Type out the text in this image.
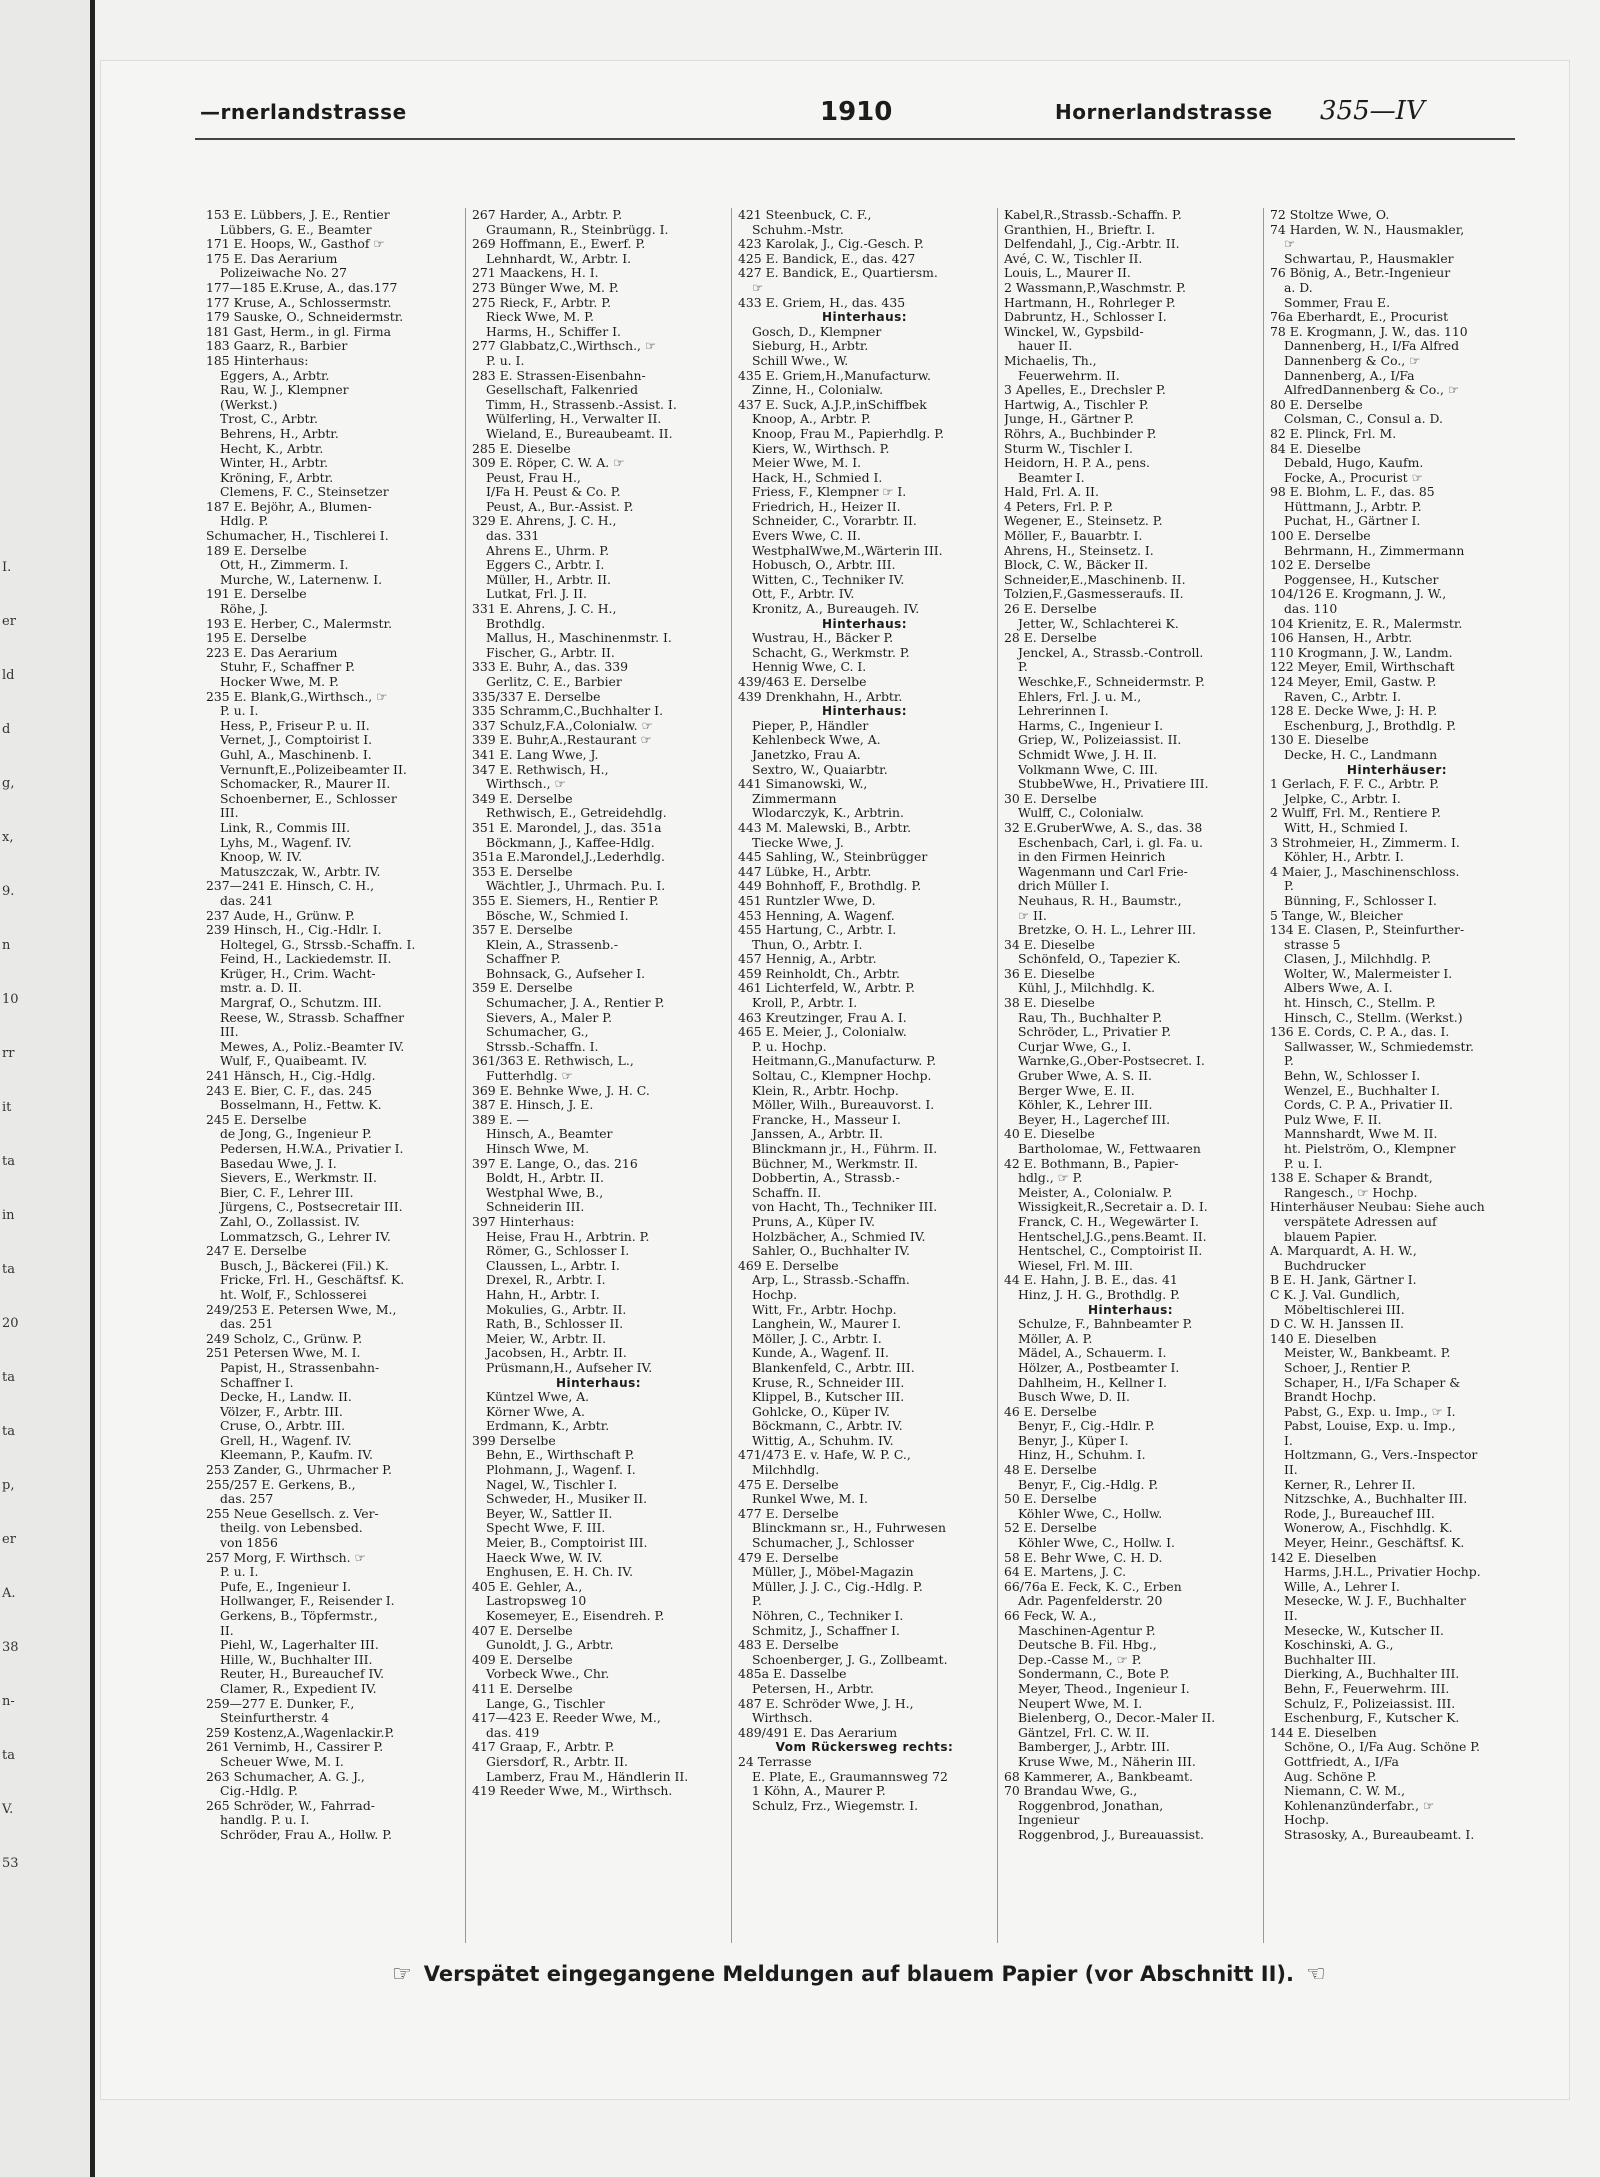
I.
er
ld
d
g,
x,
9.
n
10
rr
it
ta
in
ta
20
ta
ta
p,
er
A.
38
n-
ta
V.
53
—rnerlandstrasse	1910	Hornerlandstrasse 355—IV
153 E. Lübbers, J. E., Rentier
Lübbers, G. E., Beamter
171 E. Hoops, W., Gasthof ☞
175 E. Das Aerarium
Polizeiwache No. 27
177—185 E.Kruse, A., das.177
177 Kruse, A., Schlossermstr.
179 Sauske, O., Schneidermstr.
181 Gast, Herm., in gl. Firma
183 Gaarz, R., Barbier
185 Hinterhaus:
Eggers, A., Arbtr.
Rau, W. J., Klempner
(Werkst.)
Trost, C., Arbtr.
Behrens, H., Arbtr.
Hecht, K., Arbtr.
Winter, H., Arbtr.
Kröning, F., Arbtr.
Clemens, F. C., Steinsetzer
187 E. Bejöhr, A., Blumen-
Hdlg. P.
Schumacher, H., Tischlerei I.
189 E. Derselbe
Ott, H., Zimmerm. I.
Murche, W., Laternenw. I.
191 E. Derselbe
Röhe, J.
193 E. Herber, C., Malermstr.
195 E. Derselbe
223 E. Das Aerarium
Stuhr, F., Schaffner P.
Hocker Wwe, M. P.
235 E. Blank,G.,Wirthsch., ☞
P. u. I.
Hess, P., Friseur P. u. II.
Vernet, J., Comptoirist I.
Guhl, A., Maschinenb. I.
Vernunft,E.,Polizeibeamter II.
Schomacker, R., Maurer II.
Schoenberner, E., Schlosser
III.
Link, R., Commis III.
Lyhs, M., Wagenf. IV.
Knoop, W. IV.
Matuszczak, W., Arbtr. IV.
237—241 E. Hinsch, C. H.,
das. 241
237 Aude, H., Grünw. P.
239 Hinsch, H., Cig.-Hdlr. I.
Holtegel, G., Strssb.-Schaffn. I.
Feind, H., Lackiedemstr. II.
Krüger, H., Crim. Wacht-
mstr. a. D. II.
Margraf, O., Schutzm. III.
Reese, W., Strassb. Schaffner
III.
Mewes, A., Poliz.-Beamter IV.
Wulf, F., Quaibeamt. IV.
241 Hänsch, H., Cig.-Hdlg.
243 E. Bier, C. F., das. 245
Bosselmann, H., Fettw. K.
245 E. Derselbe
de Jong, G., Ingenieur P.
Pedersen, H.W.A., Privatier I.
Basedau Wwe, J. I.
Sievers, E., Werkmstr. II.
Bier, C. F., Lehrer III.
Jürgens, C., Postsecretair III.
Zahl, O., Zollassist. IV.
Lommatzsch, G., Lehrer IV.
247 E. Derselbe
Busch, J., Bäckerei (Fil.) K.
Fricke, Frl. H., Geschäftsf. K.
ht. Wolf, F., Schlosserei
249/253 E. Petersen Wwe, M.,
das. 251
249 Scholz, C., Grünw. P.
251 Petersen Wwe, M. I.
Papist, H., Strassenbahn-
Schaffner I.
Decke, H., Landw. II.
Völzer, F., Arbtr. III.
Cruse, O., Arbtr. III.
Grell, H., Wagenf. IV.
Kleemann, P., Kaufm. IV.
253 Zander, G., Uhrmacher P.
255/257 E. Gerkens, B.,
das. 257
255 Neue Gesellsch. z. Ver-
theilg. von Lebensbed.
von 1856
257 Morg, F. Wirthsch. ☞
P. u. I.
Pufe, E., Ingenieur I.
Hollwanger, F., Reisender I.
Gerkens, B., Töpfermstr.,
II.
Piehl, W., Lagerhalter III.
Hille, W., Buchhalter III.
Reuter, H., Bureauchef IV.
Clamer, R., Expedient IV.
259—277 E. Dunker, F.,
Steinfurtherstr. 4
259 Kostenz,A.,Wagenlackir.P.
261 Vernimb, H., Cassirer P.
Scheuer Wwe, M. I.
263 Schumacher, A. G. J.,
Cig.-Hdlg. P.
265 Schröder, W., Fahrrad-
handlg. P. u. I.
Schröder, Frau A., Hollw. P.
267 Harder, A., Arbtr. P.
Graumann, R., Steinbrügg. I.
269 Hoffmann, E., Ewerf. P.
Lehnhardt, W., Arbtr. I.
271 Maackens, H. I.
273 Bünger Wwe, M. P.
275 Rieck, F., Arbtr. P.
Rieck Wwe, M. P.
Harms, H., Schiffer I.
277 Glabbatz,C.,Wirthsch., ☞
P. u. I.
283 E. Strassen-Eisenbahn-
Gesellschaft, Falkenried
Timm, H., Strassenb.-Assist. I.
Wülferling, H., Verwalter II.
Wieland, E., Bureaubeamt. II.
285 E. Dieselbe
309 E. Röper, C. W. A. ☞
Peust, Frau H.,
I/Fa H. Peust & Co. P.
Peust, A., Bur.-Assist. P.
329 E. Ahrens, J. C. H.,
das. 331
Ahrens E., Uhrm. P.
Eggers C., Arbtr. I.
Müller, H., Arbtr. II.
Lutkat, Frl. J. II.
331 E. Ahrens, J. C. H.,
Brothdlg.
Mallus, H., Maschinenmstr. I.
Fischer, G., Arbtr. II.
333 E. Buhr, A., das. 339
Gerlitz, C. E., Barbier
335/337 E. Derselbe
335 Schramm,C.,Buchhalter I.
337 Schulz,F.A.,Colonialw. ☞
339 E. Buhr,A.,Restaurant ☞
341 E. Lang Wwe, J.
347 E. Rethwisch, H.,
Wirthsch., ☞
349 E. Derselbe
Rethwisch, E., Getreidehdlg.
351 E. Marondel, J., das. 351a
Böckmann, J., Kaffee-Hdlg.
351a E.Marondel,J.,Lederhdlg.
353 E. Derselbe
Wächtler, J., Uhrmach. P.u. I.
355 E. Siemers, H., Rentier P.
Bösche, W., Schmied I.
357 E. Derselbe
Klein, A., Strassenb.-
Schaffner P.
Bohnsack, G., Aufseher I.
359 E. Derselbe
Schumacher, J. A., Rentier P.
Sievers, A., Maler P.
Schumacher, G.,
Strssb.-Schaffn. I.
361/363 E. Rethwisch, L.,
Futterhdlg. ☞
369 E. Behnke Wwe, J. H. C.
387 E. Hinsch, J. E.
389 E. —
Hinsch, A., Beamter
Hinsch Wwe, M.
397 E. Lange, O., das. 216
Boldt, H., Arbtr. II.
Westphal Wwe, B.,
Schneiderin III.
397 Hinterhaus:
Heise, Frau H., Arbtrin. P.
Römer, G., Schlosser I.
Claussen, L., Arbtr. I.
Drexel, R., Arbtr. I.
Hahn, H., Arbtr. I.
Mokulies, G., Arbtr. II.
Rath, B., Schlosser II.
Meier, W., Arbtr. II.
Jacobsen, H., Arbtr. II.
Prüsmann,H., Aufseher IV.
Hinterhaus:
Küntzel Wwe, A.
Körner Wwe, A.
Erdmann, K., Arbtr.
399 Derselbe
Behn, E., Wirthschaft P.
Plohmann, J., Wagenf. I.
Nagel, W., Tischler I.
Schweder, H., Musiker II.
Beyer, W., Sattler II.
Specht Wwe, F. III.
Meier, B., Comptoirist III.
Haeck Wwe, W. IV.
Enghusen, E. H. Ch. IV.
405 E. Gehler, A.,
Lastropsweg 10
Kosemeyer, E., Eisendreh. P.
407 E. Derselbe
Gunoldt, J. G., Arbtr.
409 E. Derselbe
Vorbeck Wwe., Chr.
411 E. Derselbe
Lange, G., Tischler
417—423 E. Reeder Wwe, M.,
das. 419
417 Graap, F., Arbtr. P.
Giersdorf, R., Arbtr. II.
Lamberz, Frau M., Händlerin II.
419 Reeder Wwe, M., Wirthsch.
421 Steenbuck, C. F.,
Schuhm.-Mstr.
423 Karolak, J., Cig.-Gesch. P.
425 E. Bandick, E., das. 427
427 E. Bandick, E., Quartiersm.
☞
433 E. Griem, H., das. 435
Hinterhaus:
Gosch, D., Klempner
Sieburg, H., Arbtr.
Schill Wwe., W.
435 E. Griem,H.,Manufacturw.
Zinne, H., Colonialw.
437 E. Suck, A.J.P.,inSchiffbek
Knoop, A., Arbtr. P.
Knoop, Frau M., Papierhdlg. P.
Kiers, W., Wirthsch. P.
Meier Wwe, M. I.
Hack, H., Schmied I.
Friess, F., Klempner ☞ I.
Friedrich, H., Heizer II.
Schneider, C., Vorarbtr. II.
Evers Wwe, C. II.
WestphalWwe,M.,Wärterin III.
Hobusch, O., Arbtr. III.
Witten, C., Techniker IV.
Ott, F., Arbtr. IV.
Kronitz, A., Bureaugeh. IV.
Hinterhaus:
Wustrau, H., Bäcker P.
Schacht, G., Werkmstr. P.
Hennig Wwe, C. I.
439/463 E. Derselbe
439 Drenkhahn, H., Arbtr.
Hinterhaus:
Pieper, P., Händler
Kehlenbeck Wwe, A.
Janetzko, Frau A.
Sextro, W., Quaiarbtr.
441 Simanowski, W.,
Zimmermann
Wlodarczyk, K., Arbtrin.
443 M. Malewski, B., Arbtr.
Tiecke Wwe, J.
445 Sahling, W., Steinbrügger
447 Lübke, H., Arbtr.
449 Bohnhoff, F., Brothdlg. P.
451 Runtzler Wwe, D.
453 Henning, A. Wagenf.
455 Hartung, C., Arbtr. I.
Thun, O., Arbtr. I.
457 Hennig, A., Arbtr.
459 Reinholdt, Ch., Arbtr.
461 Lichterfeld, W., Arbtr. P.
Kroll, P., Arbtr. I.
463 Kreutzinger, Frau A. I.
465 E. Meier, J., Colonialw.
P. u. Hochp.
Heitmann,G.,Manufacturw. P.
Soltau, C., Klempner Hochp.
Klein, R., Arbtr. Hochp.
Möller, Wilh., Bureauvorst. I.
Francke, H., Masseur I.
Janssen, A., Arbtr. II.
Blinckmann jr., H., Führm. II.
Büchner, M., Werkmstr. II.
Dobbertin, A., Strassb.-
Schaffn. II.
von Hacht, Th., Techniker III.
Pruns, A., Küper IV.
Holzbächer, A., Schmied IV.
Sahler, O., Buchhalter IV.
469 E. Derselbe
Arp, L., Strassb.-Schaffn.
Hochp.
Witt, Fr., Arbtr. Hochp.
Langhein, W., Maurer I.
Möller, J. C., Arbtr. I.
Kunde, A., Wagenf. II.
Blankenfeld, C., Arbtr. III.
Kruse, R., Schneider III.
Klippel, B., Kutscher III.
Gohlcke, O., Küper IV.
Böckmann, C., Arbtr. IV.
Wittig, A., Schuhm. IV.
471/473 E. v. Hafe, W. P. C.,
Milchhdlg.
475 E. Derselbe
Runkel Wwe, M. I.
477 E. Derselbe
Blinckmann sr., H., Fuhrwesen
Schumacher, J., Schlosser
479 E. Derselbe
Müller, J., Möbel-Magazin
Müller, J. J. C., Cig.-Hdlg. P.
P.
Nöhren, C., Techniker I.
Schmitz, J., Schaffner I.
483 E. Derselbe
Schoenberger, J. G., Zollbeamt.
485a E. Dasselbe
Petersen, H., Arbtr.
487 E. Schröder Wwe, J. H.,
Wirthsch.
489/491 E. Das Aerarium
Vom Rückersweg rechts:
24 Terrasse
E. Plate, E., Graumannsweg 72
1 Köhn, A., Maurer P.
Schulz, Frz., Wiegemstr. I.
Kabel,R.,Strassb.-Schaffn. P.
Granthien, H., Brieftr. I.
Delfendahl, J., Cig.-Arbtr. II.
Avé, C. W., Tischler II.
Louis, L., Maurer II.
2 Wassmann,P.,Waschmstr. P.
Hartmann, H., Rohrleger P.
Dabruntz, H., Schlosser I.
Winckel, W., Gypsbild-
hauer II.
Michaelis, Th.,
Feuerwehrm. II.
3 Apelles, E., Drechsler P.
Hartwig, A., Tischler P.
Junge, H., Gärtner P.
Röhrs, A., Buchbinder P.
Sturm W., Tischler I.
Heidorn, H. P. A., pens.
Beamter I.
Hald, Frl. A. II.
4 Peters, Frl. P. P.
Wegener, E., Steinsetz. P.
Möller, F., Bauarbtr. I.
Ahrens, H., Steinsetz. I.
Block, C. W., Bäcker II.
Schneider,E.,Maschinenb. II.
Tolzien,F.,Gasmesseraufs. II.
26 E. Derselbe
Jetter, W., Schlachterei K.
28 E. Derselbe
Jenckel, A., Strassb.-Controll.
P.
Weschke,F., Schneidermstr. P.
Ehlers, Frl. J. u. M.,
Lehrerinnen I.
Harms, C., Ingenieur I.
Griep, W., Polizeiassist. II.
Schmidt Wwe, J. H. II.
Volkmann Wwe, C. III.
StubbeWwe, H., Privatiere III.
30 E. Derselbe
Wulff, C., Colonialw.
32 E.GruberWwe, A. S., das. 38
Eschenbach, Carl, i. gl. Fa. u.
in den Firmen Heinrich
Wagenmann und Carl Frie-
drich Müller I.
Neuhaus, R. H., Baumstr.,
☞ II.
Bretzke, O. H. L., Lehrer III.
34 E. Dieselbe
Schönfeld, O., Tapezier K.
36 E. Dieselbe
Kühl, J., Milchhdlg. K.
38 E. Dieselbe
Rau, Th., Buchhalter P.
Schröder, L., Privatier P.
Curjar Wwe, G., I.
Warnke,G.,Ober-Postsecret. I.
Gruber Wwe, A. S. II.
Berger Wwe, E. II.
Köhler, K., Lehrer III.
Beyer, H., Lagerchef III.
40 E. Dieselbe
Bartholomae, W., Fettwaaren
42 E. Bothmann, B., Papier-
hdlg., ☞ P.
Meister, A., Colonialw. P.
Wissigkeit,R.,Secretair a. D. I.
Franck, C. H., Wegewärter I.
Hentschel,J.G.,pens.Beamt. II.
Hentschel, C., Comptoirist II.
Wiesel, Frl. M. III.
44 E. Hahn, J. B. E., das. 41
Hinz, J. H. G., Brothdlg. P.
Hinterhaus:
Schulze, F., Bahnbeamter P.
Möller, A. P.
Mädel, A., Schauerm. I.
Hölzer, A., Postbeamter I.
Dahlheim, H., Kellner I.
Busch Wwe, D. II.
46 E. Derselbe
Benyr, F., Cig.-Hdlr. P.
Benyr, J., Küper I.
Hinz, H., Schuhm. I.
48 E. Derselbe
Benyr, F., Cig.-Hdlg. P.
50 E. Derselbe
Köhler Wwe, C., Hollw.
52 E. Derselbe
Köhler Wwe, C., Hollw. I.
58 E. Behr Wwe, C. H. D.
64 E. Martens, J. C.
66/76a E. Feck, K. C., Erben
Adr. Pagenfelderstr. 20
66 Feck, W. A.,
Maschinen-Agentur P.
Deutsche B. Fil. Hbg.,
Dep.-Casse M., ☞ P.
Sondermann, C., Bote P.
Meyer, Theod., Ingenieur I.
Neupert Wwe, M. I.
Bielenberg, O., Decor.-Maler II.
Gäntzel, Frl. C. W. II.
Bamberger, J., Arbtr. III.
Kruse Wwe, M., Näherin III.
68 Kammerer, A., Bankbeamt.
70 Brandau Wwe, G.,
Roggenbrod, Jonathan,
Ingenieur
Roggenbrod, J., Bureauassist.
72 Stoltze Wwe, O.
74 Harden, W. N., Hausmakler,
☞
Schwartau, P., Hausmakler
76 Bönig, A., Betr.-Ingenieur
a. D.
Sommer, Frau E.
76a Eberhardt, E., Procurist
78 E. Krogmann, J. W., das. 110
Dannenberg, H., I/Fa Alfred
Dannenberg & Co., ☞
Dannenberg, A., I/Fa
AlfredDannenberg & Co., ☞
80 E. Derselbe
Colsman, C., Consul a. D.
82 E. Plinck, Frl. M.
84 E. Dieselbe
Debald, Hugo, Kaufm.
Focke, A., Procurist ☞
98 E. Blohm, L. F., das. 85
Hüttmann, J., Arbtr. P.
Puchat, H., Gärtner I.
100 E. Derselbe
Behrmann, H., Zimmermann
102 E. Derselbe
Poggensee, H., Kutscher
104/126 E. Krogmann, J. W.,
das. 110
104 Krienitz, E. R., Malermstr.
106 Hansen, H., Arbtr.
110 Krogmann, J. W., Landm.
122 Meyer, Emil, Wirthschaft
124 Meyer, Emil, Gastw. P.
Raven, C., Arbtr. I.
128 E. Decke Wwe, J: H. P.
Eschenburg, J., Brothdlg. P.
130 E. Dieselbe
Decke, H. C., Landmann
Hinterhäuser:
1 Gerlach, F. F. C., Arbtr. P.
Jelpke, C., Arbtr. I.
2 Wulff, Frl. M., Rentiere P.
Witt, H., Schmied I.
3 Strohmeier, H., Zimmerm. I.
Köhler, H., Arbtr. I.
4 Maier, J., Maschinenschloss.
P.
Bünning, F., Schlosser I.
5 Tange, W., Bleicher
134 E. Clasen, P., Steinfurther-
strasse 5
Clasen, J., Milchhdlg. P.
Wolter, W., Malermeister I.
Albers Wwe, A. I.
ht. Hinsch, C., Stellm. P.
Hinsch, C., Stellm. (Werkst.)
136 E. Cords, C. P. A., das. I.
Sallwasser, W., Schmiedemstr.
P.
Behn, W., Schlosser I.
Wenzel, E., Buchhalter I.
Cords, C. P. A., Privatier II.
Pulz Wwe, F. II.
Mannshardt, Wwe M. II.
ht. Pielström, O., Klempner
P. u. I.
138 E. Schaper & Brandt,
Rangesch., ☞ Hochp.
Hinterhäuser Neubau: Siehe auch
verspätete Adressen auf
blauem Papier.
A. Marquardt, A. H. W.,
Buchdrucker
B E. H. Jank, Gärtner I.
C K. J. Val. Gundlich,
Möbeltischlerei III.
D C. W. H. Janssen II.
140 E. Dieselben
Meister, W., Bankbeamt. P.
Schoer, J., Rentier P.
Schaper, H., I/Fa Schaper &
Brandt Hochp.
Pabst, G., Exp. u. Imp., ☞ I.
Pabst, Louise, Exp. u. Imp.,
I.
Holtzmann, G., Vers.-Inspector
II.
Kerner, R., Lehrer II.
Nitzschke, A., Buchhalter III.
Rode, J., Bureauchef III.
Wonerow, A., Fischhdlg. K.
Meyer, Heinr., Geschäftsf. K.
142 E. Dieselben
Harms, J.H.L., Privatier Hochp.
Wille, A., Lehrer I.
Mesecke, W. J. F., Buchhalter
II.
Mesecke, W., Kutscher II.
Koschinski, A. G.,
Buchhalter III.
Dierking, A., Buchhalter III.
Behn, F., Feuerwehrm. III.
Schulz, F., Polizeiassist. III.
Eschenburg, F., Kutscher K.
144 E. Dieselben
Schöne, O., I/Fa Aug. Schöne P.
Gottfriedt, A., I/Fa
Aug. Schöne P.
Niemann, C. W. M.,
Kohlenanzünderfabr., ☞
Hochp.
Strasosky, A., Bureaubeamt. I.
☞ Verspätet eingegangene Meldungen auf blauem Papier (vor Abschnitt II). ☜
